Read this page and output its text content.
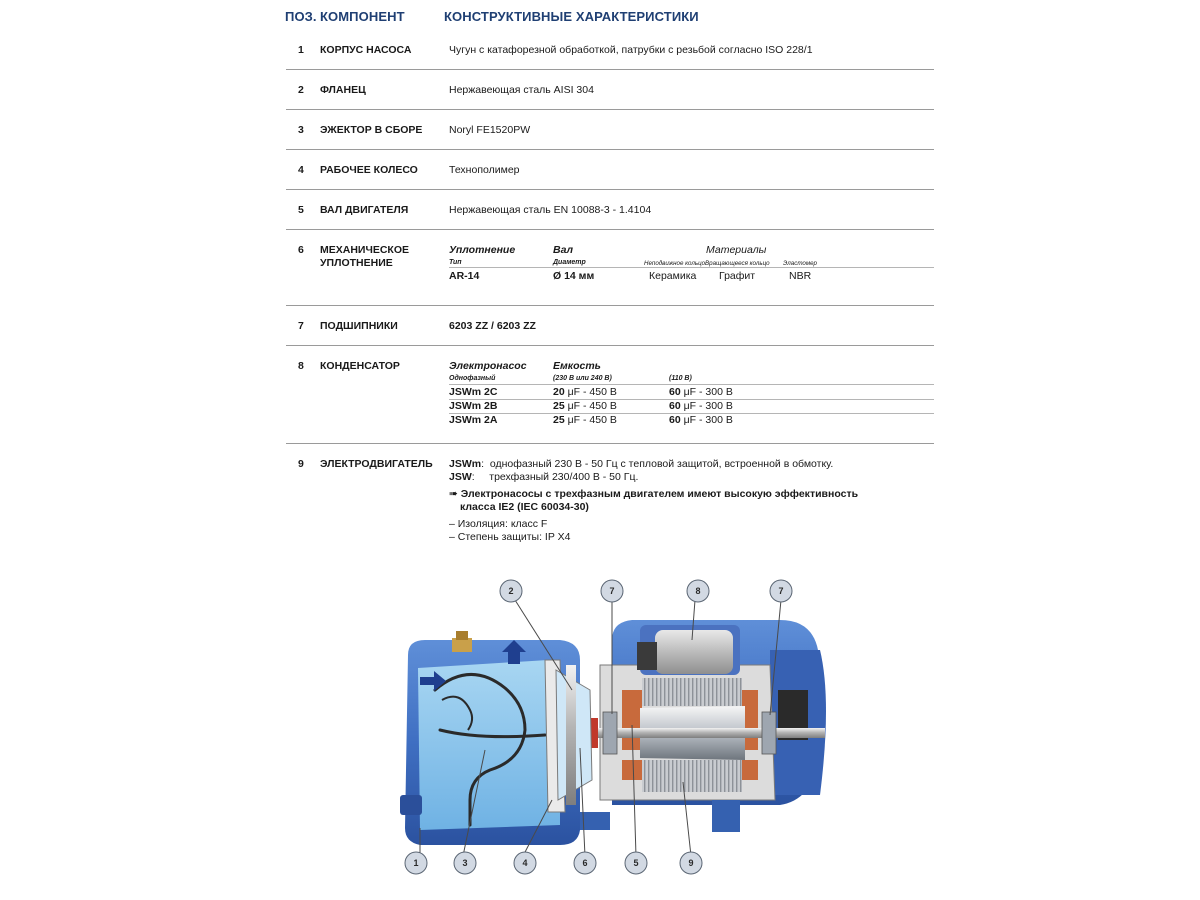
ПОЗ. КОМПОНЕНТ	КОНСТРУКТИВНЫЕ ХАРАКТЕРИСТИКИ
1 КОРПУС НАСОСА	Чугун с катафорезной обработкой, патрубки с резьбой согласно ISO 228/1
2 ФЛАНЕЦ	Нержавеющая сталь AISI 304
3 ЭЖЕКТОР В СБОРЕ	Noryl FE1520PW
4 РАБОЧЕЕ КОЛЕСО	Технополимер
5 ВАЛ ДВИГАТЕЛЯ	Нержавеющая сталь EN 10088-3 - 1.4104
6 МЕХАНИЧЕСКОЕ
УПЛОТНЕНИЕ
Уплотнение	Вал	Материалы
Тип	Диаметр	Неподвижное кольцо Вращающееся кольцо Эластомер
AR-14	Ø 14 мм	Керамика Графит	NBR
7 ПОДШИПНИКИ	6203 ZZ / 6203 ZZ
8 КОНДЕНСАТОР	Электронасос	Емкость
Однофазный	(230 В или 240 В)	(110 В)
JSWm 2C	20 μF - 450 В	60 μF - 300 В
JSWm 2B	25 μF - 450 В	60 μF - 300 В
JSWm 2A	25 μF - 450 В	60 μF - 300 В
9 ЭЛЕКТРОДВИГАТЕЛЬ JSWm:  однофазный 230 В - 50 Гц с тепловой защитой, встроенной в обмотку.
JSW:     трехфазный 230/400 В - 50 Гц.
➠ Электронасосы с трехфазным двигателем имеют высокую эффективность
класса IE2 (IEC 60034-30)
– Изоляция: класс F
– Степень защиты: IP X4
1
2
3	4	5
6
7	7
8
9
